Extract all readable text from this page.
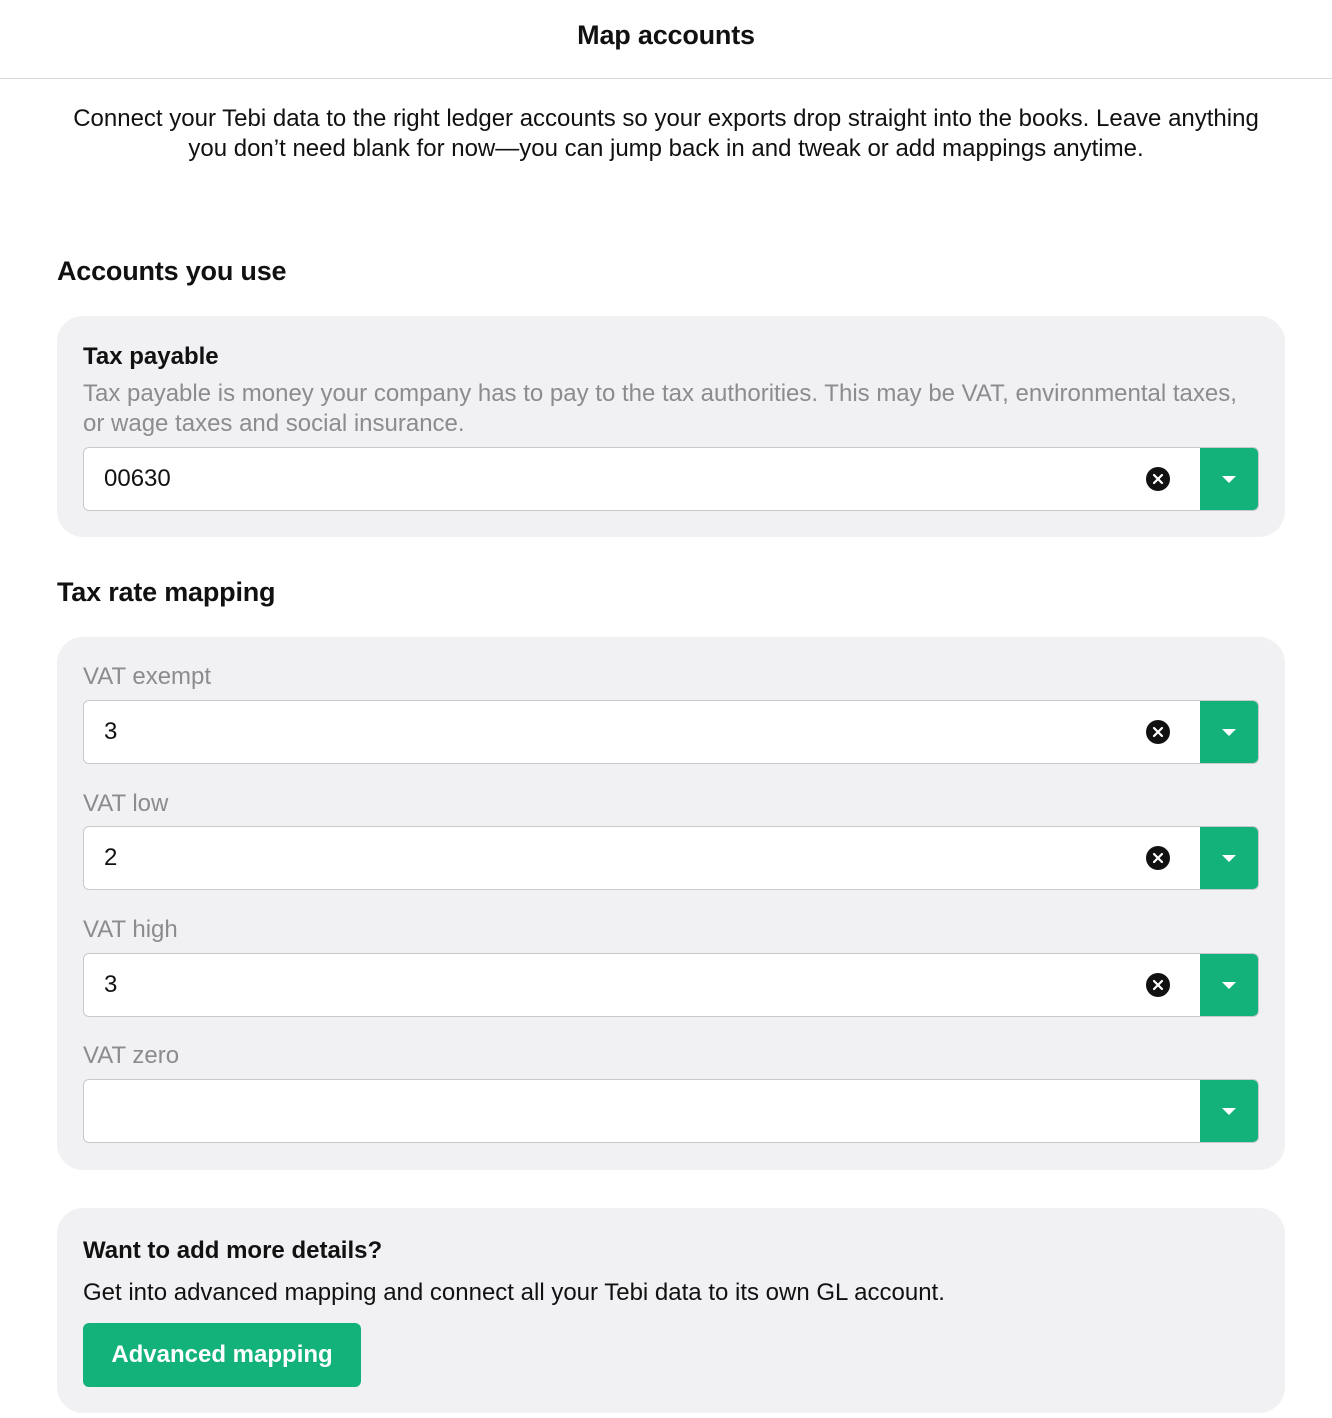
Map accounts
Connect your Tebi data to the right ledger accounts so your exports drop straight into the books. Leave anything you don’t need blank for now—you can jump back in and tweak or add mappings anytime.
Accounts you use
Tax payable
Tax payable is money your company has to pay to the tax authorities. This may be VAT, environmental taxes, or wage taxes and social insurance.
00630
Tax rate mapping
VAT exempt
3
VAT low
2
VAT high
3
VAT zero
Want to add more details?
Get into advanced mapping and connect all your Tebi data to its own GL account.
Advanced mapping
